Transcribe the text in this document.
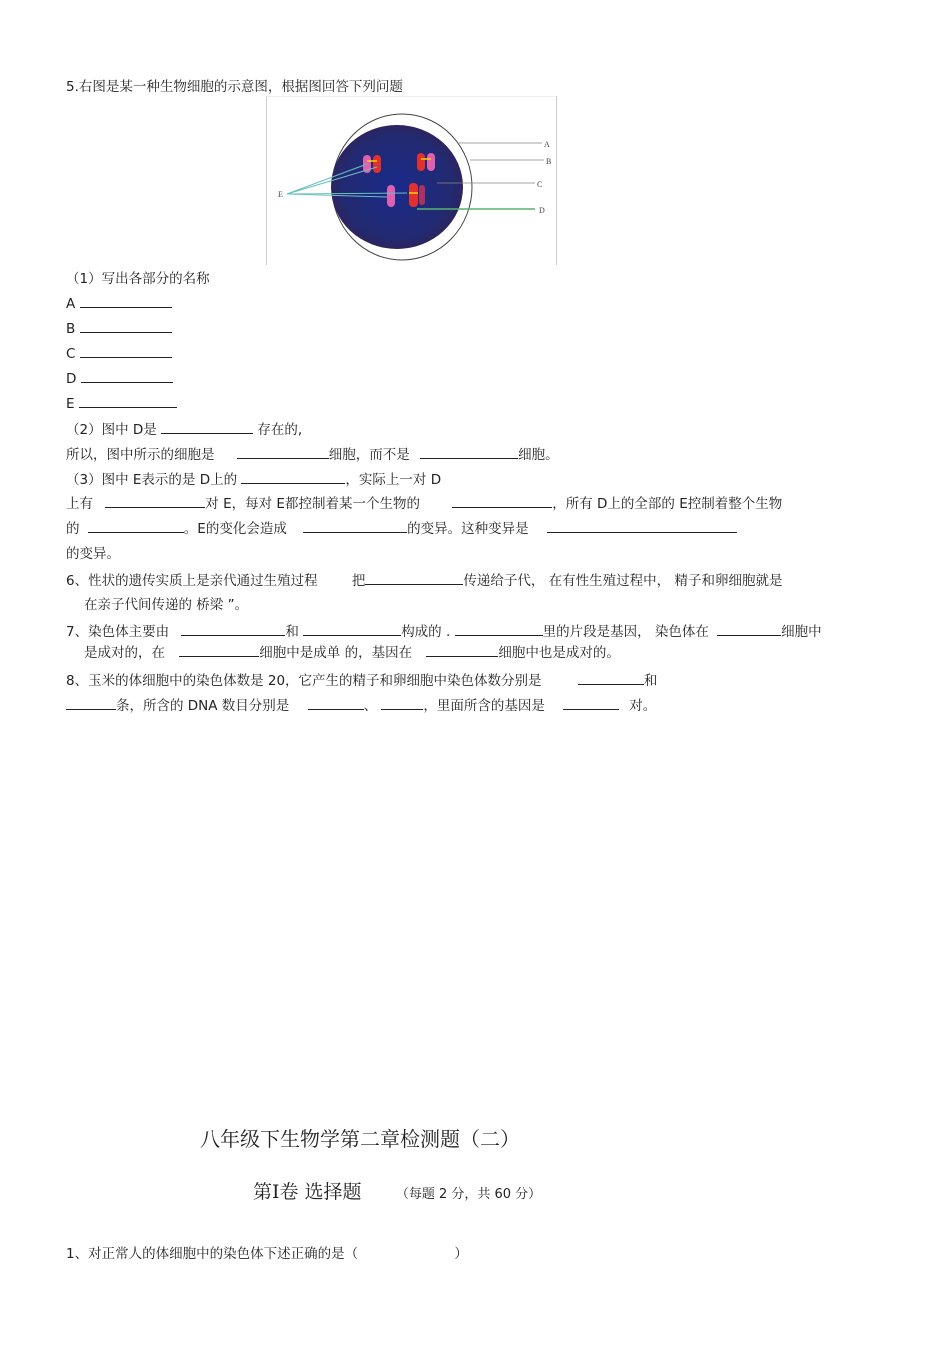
5.右图是某一种生物细胞的示意图，根据图回答下列问题
A
B
C
D
E
（1）写出各部分的名称
A
B
C
D
E
（2）图中 D是	存在的,
所以，图中所示的细胞是	细胞，而不是	细胞。
（3）图中 E表示的是 D上的	，实际上一对 D
上有	对 E，每对 E都控制着某一个生物的	，所有 D上的全部的 E控制着整个生物
的	。E的变化会造成	的变异。这种变异是
的变异。
6、性状的遗传实质上是亲代通过生殖过程	把	传递给子代， 在有性生殖过程中， 精子和卵细胞就是
在亲子代间传递的 桥梁 ”。
7、染色体主要由	和	构成的 .	里的片段是基因， 染色体在	细胞中
是成对的，在	细胞中是成单 的，基因在	细胞中也是成对的。
8、玉米的体细胞中的染色体数是 20，它产生的精子和卵细胞中染色体数分别是	和
条，所含的 DNA 数目分别是	、	，里面所含的基因是	对。
八年级下生物学第二章检测题（二）
第Ⅰ卷 选择题	（每题 2 分，共 60 分）
1、对正常人的体细胞中的染色体下述正确的是（	）
